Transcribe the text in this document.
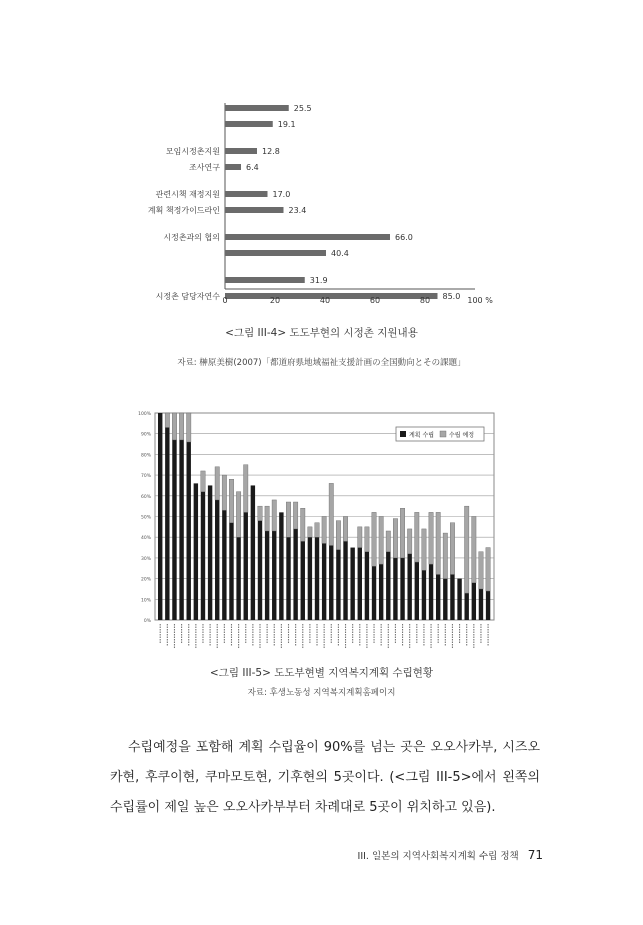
25.5
19.1
12.8
모임시정촌지원
6.4
조사연구
17.0
관련시책 재정지원
23.4
계획 책정가이드라인
66.0
시정촌과의 협의
40.4
31.9
85.0
시정촌 담당자연수 0	20	40	60	80	100 %
<그림 III-4> 도도부현의 시정촌 지원내용
자료: 榊原美樹(2007)「都道府県地域福祉支援計画の全国動向とその課題」
0%
10%
20%
30%
40%
50%
60%
70%
80%
90%
100%
계획 수립 수립 예정
<그림 III-5> 도도부현별 지역복지계획 수립현황
자료: 후생노동성 지역복지계획홈페이지
수립예정을 포함해 계획 수립율이 90%를 넘는 곳은 오오사카부, 시즈오카현, 후쿠이현, 쿠마모토현, 기후현의 5곳이다. (<그림 III-5>에서 왼쪽의 수립률이 제일 높은 오오사카부부터 차례대로 5곳이 위치하고 있음).
III. 일본의 지역사회복지계획 수립 정책 71
